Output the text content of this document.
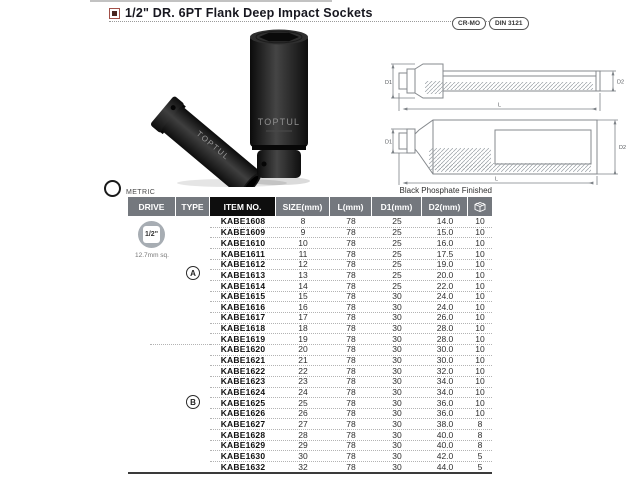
1/2" DR. 6PT Flank Deep Impact Sockets
CR-MO	DIN 3121
TOPTUL
TOPTUL
D1	D2
L
D1
D2
L
METRIC	Black Phosphate Finished
DRIVE	TYPE	ITEM NO.	SIZE(mm)	L(mm)	D1(mm)	D2(mm)
1/2"
12.7mm sq.
A
B
KABE1608	8	78	25	14.0	10
KABE1609	9	78	25	15.0	10
KABE1610	10	78	25	16.0	10
KABE1611	11	78	25	17.5	10
KABE1612	12	78	25	19.0	10
KABE1613	13	78	25	20.0	10
KABE1614	14	78	25	22.0	10
KABE1615	15	78	30	24.0	10
KABE1616	16	78	30	24.0	10
KABE1617	17	78	30	26.0	10
KABE1618	18	78	30	28.0	10
KABE1619	19	78	30	28.0	10
KABE1620	20	78	30	30.0	10
KABE1621	21	78	30	30.0	10
KABE1622	22	78	30	32.0	10
KABE1623	23	78	30	34.0	10
KABE1624	24	78	30	34.0	10
KABE1625	25	78	30	36.0	10
KABE1626	26	78	30	36.0	10
KABE1627	27	78	30	38.0	8
KABE1628	28	78	30	40.0	8
KABE1629	29	78	30	40.0	8
KABE1630	30	78	30	42.0	5
KABE1632	32	78	30	44.0	5
